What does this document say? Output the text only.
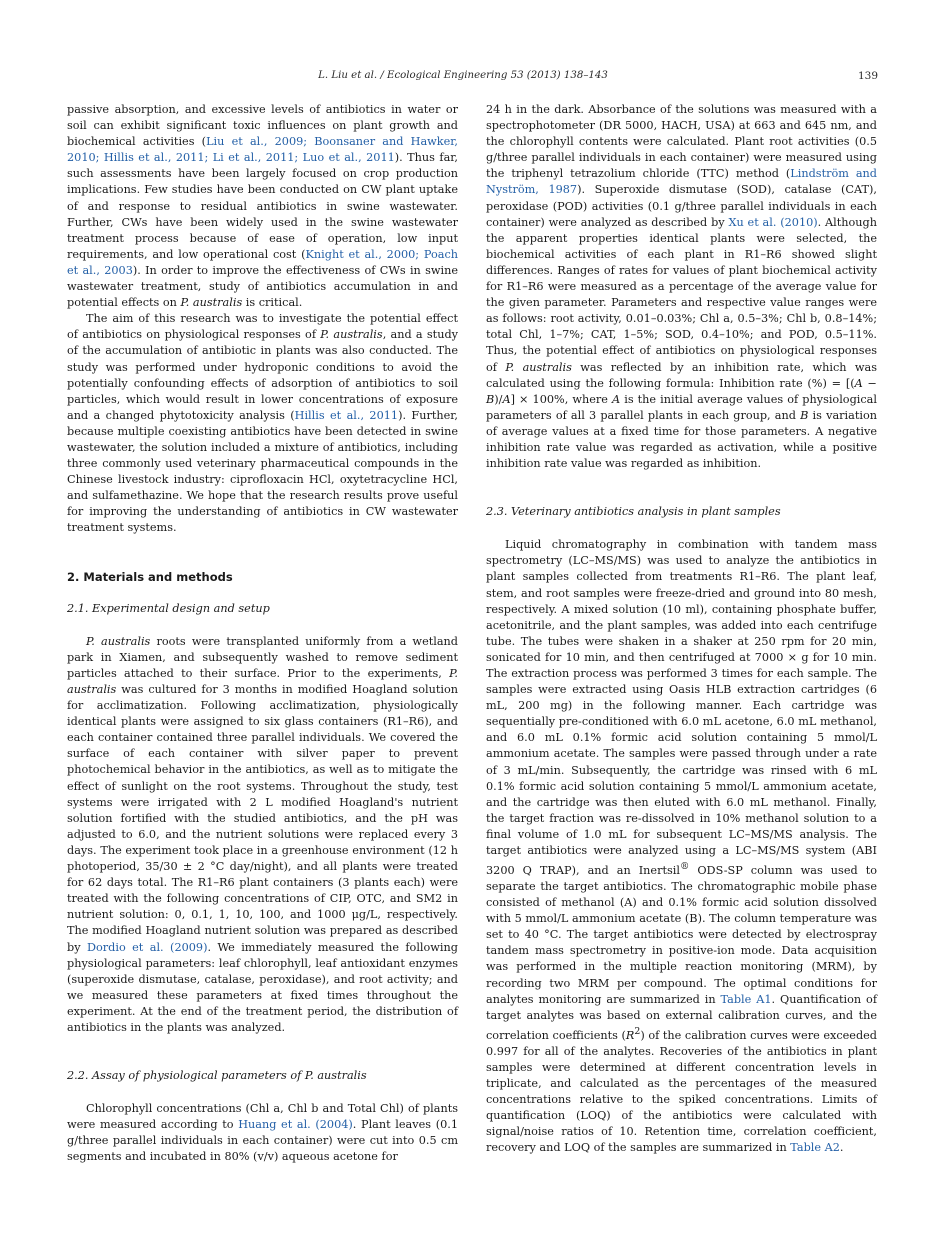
L. Liu et al. / Ecological Engineering 53 (2013) 138–143	139

passive absorption, and excessive levels of antibiotics in water or soil can exhibit significant toxic influences on plant growth and biochemical activities (Liu et al., 2009; Boonsaner and Hawker, 2010; Hillis et al., 2011; Li et al., 2011; Luo et al., 2011). Thus far, such assessments have been largely focused on crop production implications. Few studies have been conducted on CW plant uptake of and response to residual antibiotics in swine wastewater. Further, CWs have been widely used in the swine wastewater treatment process because of ease of operation, low input requirements, and low operational cost (Knight et al., 2000; Poach et al., 2003). In order to improve the effectiveness of CWs in swine wastewater treatment, study of antibiotics accumulation in and potential effects on P. australis is critical.

The aim of this research was to investigate the potential effect of antibiotics on physiological responses of P. australis, and a study of the accumulation of antibiotic in plants was also conducted. The study was performed under hydroponic conditions to avoid the potentially confounding effects of adsorption of antibiotics to soil particles, which would result in lower concentrations of exposure and a changed phytotoxicity analysis (Hillis et al., 2011). Further, because multiple coexisting antibiotics have been detected in swine wastewater, the solution included a mixture of antibiotics, including three commonly used veterinary pharmaceutical compounds in the Chinese livestock industry: ciprofloxacin HCl, oxytetracycline HCl, and sulfamethazine. We hope that the research results prove useful for improving the understanding of antibiotics in CW wastewater treatment systems.

2. Materials and methods
2.1. Experimental design and setup

P. australis roots were transplanted uniformly from a wetland park in Xiamen, and subsequently washed to remove sediment particles attached to their surface. Prior to the experiments, P. australis was cultured for 3 months in modified Hoagland solution for acclimatization. Following acclimatization, physiologically identical plants were assigned to six glass containers (R1–R6), and each container contained three parallel individuals. We covered the surface of each container with silver paper to prevent photochemical behavior in the antibiotics, as well as to mitigate the effect of sunlight on the root systems. Throughout the study, test systems were irrigated with 2 L modified Hoagland's nutrient solution fortified with the studied antibiotics, and the pH was adjusted to 6.0, and the nutrient solutions were replaced every 3 days. The experiment took place in a greenhouse environment (12 h photoperiod, 35/30 ± 2 °C day/night), and all plants were treated for 62 days total. The R1–R6 plant containers (3 plants each) were treated with the following concentrations of CIP, OTC, and SM2 in nutrient solution: 0, 0.1, 1, 10, 100, and 1000 μg/L, respectively. The modified Hoagland nutrient solution was prepared as described by Dordio et al. (2009). We immediately measured the following physiological parameters: leaf chlorophyll, leaf antioxidant enzymes (superoxide dismutase, catalase, peroxidase), and root activity; and we measured these parameters at fixed times throughout the experiment. At the end of the treatment period, the distribution of antibiotics in the plants was analyzed.

2.2. Assay of physiological parameters of P. australis

Chlorophyll concentrations (Chl a, Chl b and Total Chl) of plants were measured according to Huang et al. (2004). Plant leaves (0.1 g/three parallel individuals in each container) were cut into 0.5 cm segments and incubated in 80% (v/v) aqueous acetone for

24 h in the dark. Absorbance of the solutions was measured with a spectrophotometer (DR 5000, HACH, USA) at 663 and 645 nm, and the chlorophyll contents were calculated. Plant root activities (0.5 g/three parallel individuals in each container) were measured using the triphenyl tetrazolium chloride (TTC) method (Lindström and Nyström, 1987). Superoxide dismutase (SOD), catalase (CAT), peroxidase (POD) activities (0.1 g/three parallel individuals in each container) were analyzed as described by Xu et al. (2010). Although the apparent properties identical plants were selected, the biochemical activities of each plant in R1–R6 showed slight differences. Ranges of rates for values of plant biochemical activity for R1–R6 were measured as a percentage of the average value for the given parameter. Parameters and respective value ranges were as follows: root activity, 0.01–0.03%; Chl a, 0.5–3%; Chl b, 0.8–14%; total Chl, 1–7%; CAT, 1–5%; SOD, 0.4–10%; and POD, 0.5–11%. Thus, the potential effect of antibiotics on physiological responses of P. australis was reflected by an inhibition rate, which was calculated using the following formula: Inhibition rate (%) = [(A − B)/A] × 100%, where A is the initial average values of physiological parameters of all 3 parallel plants in each group, and B is variation of average values at a fixed time for those parameters. A negative inhibition rate value was regarded as activation, while a positive inhibition rate value was regarded as inhibition.

2.3. Veterinary antibiotics analysis in plant samples

Liquid chromatography in combination with tandem mass spectrometry (LC–MS/MS) was used to analyze the antibiotics in plant samples collected from treatments R1–R6. The plant leaf, stem, and root samples were freeze-dried and ground into 80 mesh, respectively. A mixed solution (10 ml), containing phosphate buffer, acetonitrile, and the plant samples, was added into each centrifuge tube. The tubes were shaken in a shaker at 250 rpm for 20 min, sonicated for 10 min, and then centrifuged at 7000 × g for 10 min. The extraction process was performed 3 times for each sample. The samples were extracted using Oasis HLB extraction cartridges (6 mL, 200 mg) in the following manner. Each cartridge was sequentially pre-conditioned with 6.0 mL acetone, 6.0 mL methanol, and 6.0 mL 0.1% formic acid solution containing 5 mmol/L ammonium acetate. The samples were passed through under a rate of 3 mL/min. Subsequently, the cartridge was rinsed with 6 mL 0.1% formic acid solution containing 5 mmol/L ammonium acetate, and the cartridge was then eluted with 6.0 mL methanol. Finally, the target fraction was re-dissolved in 10% methanol solution to a final volume of 1.0 mL for subsequent LC–MS/MS analysis. The target antibiotics were analyzed using a LC–MS/MS system (ABI 3200 Q TRAP), and an Inertsil® ODS-SP column was used to separate the target antibiotics. The chromatographic mobile phase consisted of methanol (A) and 0.1% formic acid solution dissolved with 5 mmol/L ammonium acetate (B). The column temperature was set to 40 °C. The target antibiotics were detected by electrospray tandem mass spectrometry in positive-ion mode. Data acquisition was performed in the multiple reaction monitoring (MRM), by recording two MRM per compound. The optimal conditions for analytes monitoring are summarized in Table A1. Quantification of target analytes was based on external calibration curves, and the correlation coefficients $(R^2)$ of the calibration curves were exceeded 0.997 for all of the analytes. Recoveries of the antibiotics in plant samples were determined at different concentration levels in triplicate, and calculated as the percentages of the measured concentrations relative to the spiked concentrations. Limits of quantification (LOQ) of the antibiotics were calculated with signal/noise ratios of 10. Retention time, correlation coefficient, recovery and LOQ of the samples are summarized in Table A2.
